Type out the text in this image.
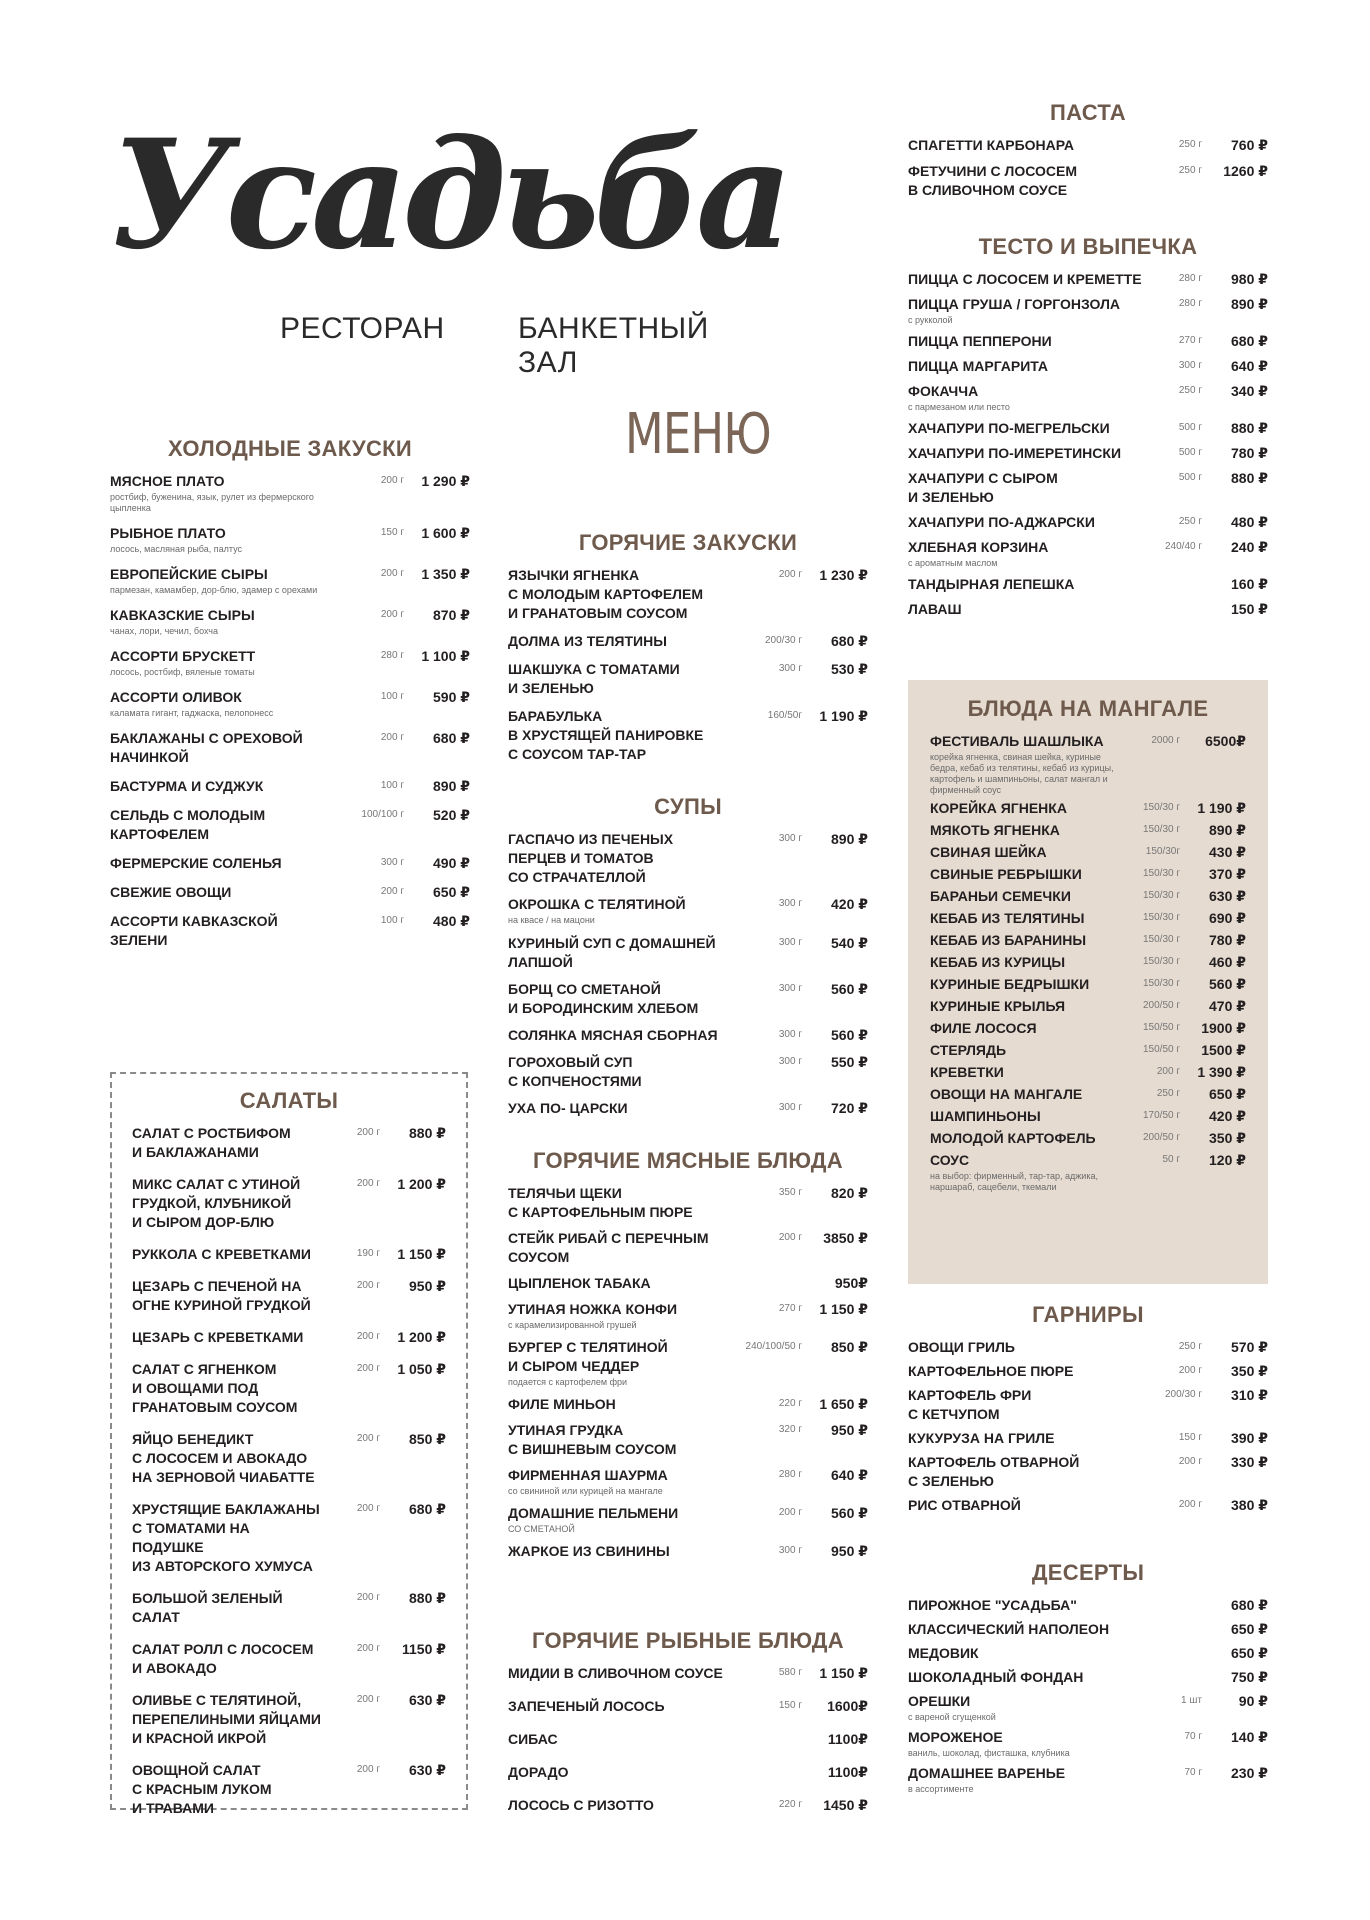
Усадьба
РЕСТОРАН БАНКЕТНЫЙ ЗАЛ
МЕНЮ
ХОЛОДНЫЕ ЗАКУСКИ
МЯСНОЕ ПЛАТО
ростбиф, буженина, язык, рулет из фермерского цыпленка
200 г	1 290 ₽
РЫБНОЕ ПЛАТО
лосось, масляная рыба, палтус
150 г	1 600 ₽
ЕВРОПЕЙСКИЕ СЫРЫ
пармезан, камамбер, дор-блю, эдамер с орехами
200 г	1 350 ₽
КАВКАЗСКИЕ СЫРЫ
чанах, лори, чечил, бохча
200 г	870 ₽
АССОРТИ БРУСКЕТТ
лосось, ростбиф, вяленые томаты
280 г	1 100 ₽
АССОРТИ ОЛИВОК
каламата гигант, гаджаска, пелопонесс
100 г	590 ₽
БАКЛАЖАНЫ С ОРЕХОВОЙ
НАЧИНКОЙ
200 г	680 ₽
БАСТУРМА И СУДЖУК	100 г	890 ₽
СЕЛЬДЬ С МОЛОДЫМ
КАРТОФЕЛЕМ
100/100 г	520 ₽
ФЕРМЕРСКИЕ СОЛЕНЬЯ	300 г	490 ₽
СВЕЖИЕ ОВОЩИ	200 г	650 ₽
АССОРТИ КАВКАЗСКОЙ
ЗЕЛЕНИ
100 г	480 ₽
САЛАТЫ
САЛАТ С РОСТБИФОМ
И БАКЛАЖАНАМИ
200 г	880 ₽
МИКС САЛАТ С УТИНОЙ
ГРУДКОЙ, КЛУБНИКОЙ
И СЫРОМ ДОР-БЛЮ
200 г	1 200 ₽
РУККОЛА С КРЕВЕТКАМИ	190 г	1 150 ₽
ЦЕЗАРЬ С ПЕЧЕНОЙ НА
ОГНЕ КУРИНОЙ ГРУДКОЙ
200 г	950 ₽
ЦЕЗАРЬ С КРЕВЕТКАМИ	200 г	1 200 ₽
САЛАТ С ЯГНЕНКОМ
И ОВОЩАМИ ПОД
ГРАНАТОВЫМ СОУСОМ
200 г	1 050 ₽
ЯЙЦО БЕНЕДИКТ
С ЛОСОСЕМ И АВОКАДО
НА ЗЕРНОВОЙ ЧИАБАТТЕ
200 г	850 ₽
ХРУСТЯЩИЕ БАКЛАЖАНЫ
С ТОМАТАМИ НА ПОДУШКЕ
ИЗ АВТОРСКОГО ХУМУСА
200 г	680 ₽
БОЛЬШОЙ ЗЕЛЕНЫЙ САЛАТ
200 г	880 ₽
САЛАТ РОЛЛ С ЛОСОСЕМ
И АВОКАДО
200 г	1150 ₽
ОЛИВЬЕ С ТЕЛЯТИНОЙ,
ПЕРЕПЕЛИНЫМИ ЯЙЦАМИ
И КРАСНОЙ ИКРОЙ
200 г	630 ₽
ОВОЩНОЙ САЛАТ
С КРАСНЫМ ЛУКОМ
И ТРАВАМИ
200 г	630 ₽
ГОРЯЧИЕ ЗАКУСКИ
ЯЗЫЧКИ ЯГНЕНКА
С МОЛОДЫМ КАРТОФЕЛЕМ
И ГРАНАТОВЫМ СОУСОМ
200 г	1 230 ₽
ДОЛМА ИЗ ТЕЛЯТИНЫ	200/30 г	680 ₽
ШАКШУКА С ТОМАТАМИ
И ЗЕЛЕНЬЮ
300 г	530 ₽
БАРАБУЛЬКА
В ХРУСТЯЩЕЙ ПАНИРОВКЕ
С СОУСОМ ТАР-ТАР
160/50г	1 190 ₽
СУПЫ
ГАСПАЧО ИЗ ПЕЧЕНЫХ
ПЕРЦЕВ И ТОМАТОВ
СО СТРАЧАТЕЛЛОЙ
300 г	890 ₽
ОКРОШКА С ТЕЛЯТИНОЙ
на квасе / на мацони
300 г	420 ₽
КУРИНЫЙ СУП С ДОМАШНЕЙ
ЛАПШОЙ
300 г	540 ₽
БОРЩ СО СМЕТАНОЙ
И БОРОДИНСКИМ ХЛЕБОМ
300 г	560 ₽
СОЛЯНКА МЯСНАЯ СБОРНАЯ	300 г	560 ₽
ГОРОХОВЫЙ СУП
С КОПЧЕНОСТЯМИ
300 г	550 ₽
УХА ПО- ЦАРСКИ	300 г	720 ₽
ГОРЯЧИЕ МЯСНЫЕ БЛЮДА
ТЕЛЯЧЬИ ЩЕКИ
С КАРТОФЕЛЬНЫМ ПЮРЕ
350 г	820 ₽
СТЕЙК РИБАЙ С ПЕРЕЧНЫМ
СОУСОМ
200 г	3850 ₽
ЦЫПЛЕНОК ТАБАКА	950₽
УТИНАЯ НОЖКА КОНФИ
с карамелизированной грушей
270 г	1 150 ₽
БУРГЕР С ТЕЛЯТИНОЙ
И СЫРОМ ЧЕДДЕР
подается с картофелем фри
240/100/50 г	850 ₽
ФИЛЕ МИНЬОН	220 г	1 650 ₽
УТИНАЯ ГРУДКА
С ВИШНЕВЫМ СОУСОМ
320 г	950 ₽
ФИРМЕННАЯ ШАУРМА
со свининой или курицей на мангале
280 г	640 ₽
ДОМАШНИЕ ПЕЛЬМЕНИ
СО СМЕТАНОЙ
200 г	560 ₽
ЖАРКОЕ ИЗ СВИНИНЫ	300 г	950 ₽
ГОРЯЧИЕ РЫБНЫЕ БЛЮДА
МИДИИ В СЛИВОЧНОМ СОУСЕ	580 г	1 150 ₽
ЗАПЕЧЕНЫЙ ЛОСОСЬ	150 г	1600₽
СИБАС	1100₽
ДОРАДО	1100₽
ЛОСОСЬ С РИЗОТТО	220 г	1450 ₽
ПАСТА
СПАГЕТТИ КАРБОНАРА	250 г	760 ₽
ФЕТУЧИНИ С ЛОСОСЕМ
В СЛИВОЧНОМ СОУСЕ
250 г	1260 ₽
ТЕСТО И ВЫПЕЧКА
ПИЦЦА С ЛОСОСЕМ И КРЕМЕТТЕ	280 г	980 ₽
ПИЦЦА ГРУША / ГОРГОНЗОЛА
с рукколой
280 г	890 ₽
ПИЦЦА ПЕППЕРОНИ	270 г	680 ₽
ПИЦЦА МАРГАРИТА	300 г	640 ₽
ФОКАЧЧА
с пармезаном или песто
250 г	340 ₽
ХАЧАПУРИ ПО-МЕГРЕЛЬСКИ	500 г	880 ₽
ХАЧАПУРИ ПО-ИМЕРЕТИНСКИ	500 г	780 ₽
ХАЧАПУРИ С СЫРОМ
И ЗЕЛЕНЬЮ
500 г	880 ₽
ХАЧАПУРИ ПО-АДЖАРСКИ	250 г	480 ₽
ХЛЕБНАЯ КОРЗИНА
с ароматным маслом
240/40 г	240 ₽
ТАНДЫРНАЯ ЛЕПЕШКА	160 ₽
ЛАВАШ	150 ₽
БЛЮДА НА МАНГАЛЕ
ФЕСТИВАЛЬ ШАШЛЫКА
корейка ягненка, свиная шейка, куриные бедра, кебаб из телятины, кебаб из курицы, картофель и шампиньоны, салат мангал и фирменный соус
2000 г	6500₽
КОРЕЙКА ЯГНЕНКА	150/30 г	1 190 ₽
МЯКОТЬ ЯГНЕНКА	150/30 г	890 ₽
СВИНАЯ ШЕЙКА	150/30г	430 ₽
СВИНЫЕ РЕБРЫШКИ	150/30 г	370 ₽
БАРАНЬИ СЕМЕЧКИ	150/30 г	630 ₽
КЕБАБ ИЗ ТЕЛЯТИНЫ	150/30 г	690 ₽
КЕБАБ ИЗ БАРАНИНЫ	150/30 г	780 ₽
КЕБАБ ИЗ КУРИЦЫ	150/30 г	460 ₽
КУРИНЫЕ БЕДРЫШКИ	150/30 г	560 ₽
КУРИНЫЕ КРЫЛЬЯ	200/50 г	470 ₽
ФИЛЕ ЛОСОСЯ	150/50 г	1900 ₽
СТЕРЛЯДЬ	150/50 г	1500 ₽
КРЕВЕТКИ	200 г	1 390 ₽
ОВОЩИ НА МАНГАЛЕ	250 г	650 ₽
ШАМПИНЬОНЫ	170/50 г	420 ₽
МОЛОДОЙ КАРТОФЕЛЬ	200/50 г	350 ₽
СОУС
на выбор: фирменный, тар-тар, аджика, наршараб, сацебели, ткемали
50 г	120 ₽
ГАРНИРЫ
ОВОЩИ ГРИЛЬ	250 г	570 ₽
КАРТОФЕЛЬНОЕ ПЮРЕ	200 г	350 ₽
КАРТОФЕЛЬ ФРИ
С КЕТЧУПОМ
200/30 г	310 ₽
КУКУРУЗА НА ГРИЛЕ	150 г	390 ₽
КАРТОФЕЛЬ ОТВАРНОЙ
С ЗЕЛЕНЬЮ
200 г	330 ₽
РИС ОТВАРНОЙ	200 г	380 ₽
ДЕСЕРТЫ
ПИРОЖНОЕ "УСАДЬБА"	680 ₽
КЛАССИЧЕСКИЙ НАПОЛЕОН	650 ₽
МЕДОВИК	650 ₽
ШОКОЛАДНЫЙ ФОНДАН	750 ₽
ОРЕШКИ
с вареной сгущенкой
1 шт	90 ₽
МОРОЖЕНОЕ
ваниль, шоколад, фисташка, клубника
70 г	140 ₽
ДОМАШНЕЕ ВАРЕНЬЕ
в ассортименте
70 г	230 ₽
